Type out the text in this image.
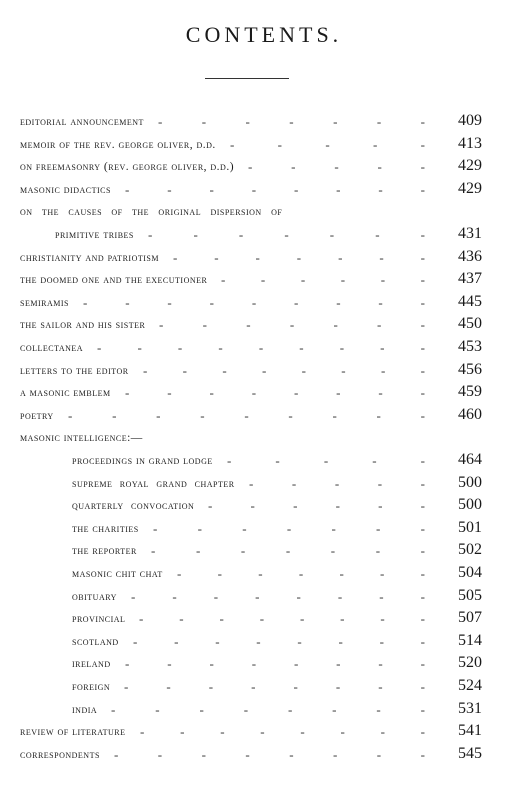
CONTENTS.
editorial announcement	409
-
-
-
-
-
-
-
memoir of the rev. george oliver, d.d.	413
-
-
-
-
-
on freemasonry (rev. george oliver, d.d.)	429
-
-
-
-
-
masonic didactics	429
-
-
-
-
-
-
-
-
on the causes of the original dispersion of
primitive tribes	431
-
-
-
-
-
-
-
christianity and patriotism	436
-
-
-
-
-
-
-
the doomed one and the executioner	437
-
-
-
-
-
-
semiramis	445
-
-
-
-
-
-
-
-
-
the sailor and his sister	450
-
-
-
-
-
-
-
collectanea	453
-
-
-
-
-
-
-
-
-
letters to the editor	456
-
-
-
-
-
-
-
-
a masonic emblem	459
-
-
-
-
-
-
-
-
poetry	460
-
-
-
-
-
-
-
-
-
masonic intelligence:—
proceedings in grand lodge	464
-
-
-
-
-
supreme royal grand chapter	500
-
-
-
-
-
quarterly convocation	500
-
-
-
-
-
-
the charities	501
-
-
-
-
-
-
-
the reporter	502
-
-
-
-
-
-
-
masonic chit chat	504
-
-
-
-
-
-
-
obituary	505
-
-
-
-
-
-
-
-
provincial	507
-
-
-
-
-
-
-
-
scotland	514
-
-
-
-
-
-
-
-
ireland	520
-
-
-
-
-
-
-
-
foreign	524
-
-
-
-
-
-
-
-
india	531
-
-
-
-
-
-
-
-
review of literature	541
-
-
-
-
-
-
-
-
correspondents	545
-
-
-
-
-
-
-
-
